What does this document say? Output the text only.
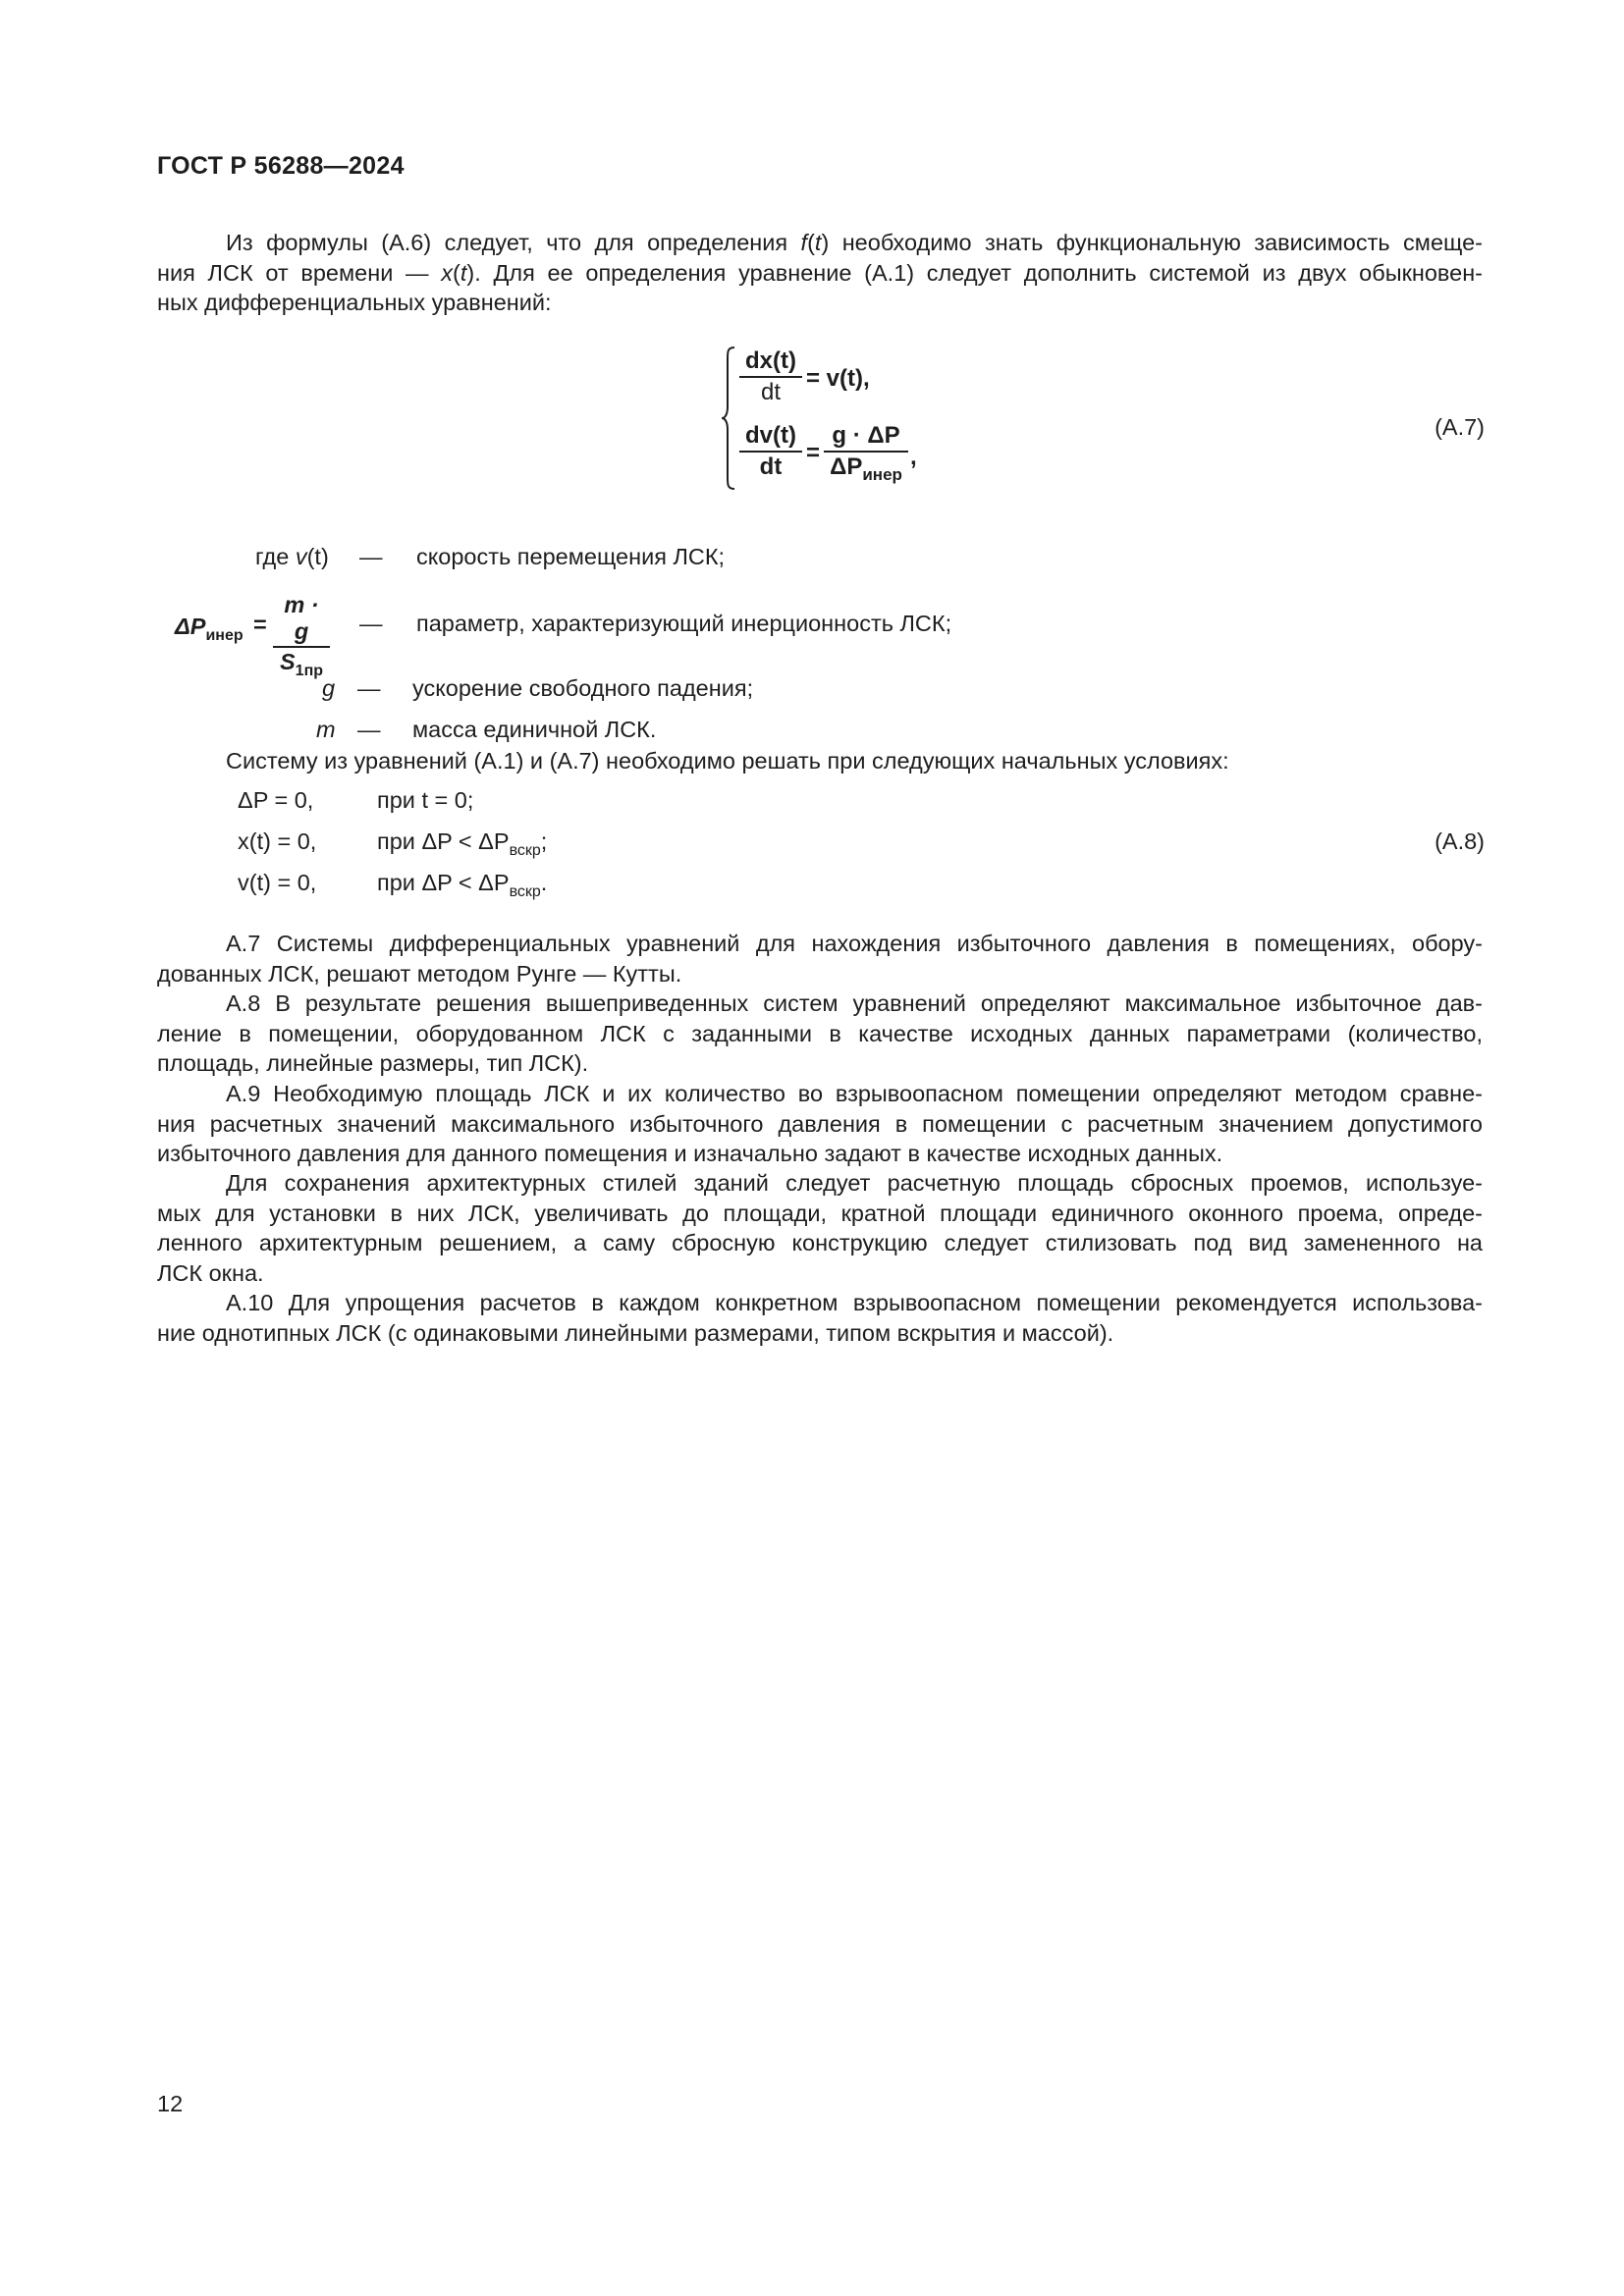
ГОСТ Р 56288—2024
Из формулы (А.6) следует, что для определения f(t) необходимо знать функциональную зависимость смеще-
ния ЛСК от времени — x(t). Для ее определения уравнение (А.1) следует дополнить системой из двух обыкновен-
ных дифференциальных уравнений:
dx(t)
dt
= v(t),
dv(t)
dt
=
g · ΔP
$\Delta P_{инер}$
,
(А.7)
где v(t) — скорость перемещения ЛСК;
$\Delta P_{инер}$ =
m · g
$S_{1пр}$
— параметр, характеризующий инерционность ЛСК;
g — ускорение свободного падения;
m — масса единичной ЛСК.
Систему из уравнений (А.1) и (А.7) необходимо решать при следующих начальных условиях:
ΔP = 0,	при t = 0;
x(t) = 0,	при $\Delta P < \Delta P_{вскр}$;	(А.8)
v(t) = 0,	при $\Delta P < \Delta P_{вскр}$.
А.7 Системы дифференциальных уравнений для нахождения избыточного давления в помещениях, обору-
дованных ЛСК, решают методом Рунге — Кутты.
А.8 В результате решения вышеприведенных систем уравнений определяют максимальное избыточное дав-
ление в помещении, оборудованном ЛСК с заданными в качестве исходных данных параметрами (количество,
площадь, линейные размеры, тип ЛСК).
А.9 Необходимую площадь ЛСК и их количество во взрывоопасном помещении определяют методом сравне-
ния расчетных значений максимального избыточного давления в помещении с расчетным значением допустимого
избыточного давления для данного помещения и изначально задают в качестве исходных данных.
Для сохранения архитектурных стилей зданий следует расчетную площадь сбросных проемов, используе-
мых для установки в них ЛСК, увеличивать до площади, кратной площади единичного оконного проема, опреде-
ленного архитектурным решением, а саму сбросную конструкцию следует стилизовать под вид замененного на
ЛСК окна.
А.10 Для упрощения расчетов в каждом конкретном взрывоопасном помещении рекомендуется использова-
ние однотипных ЛСК (с одинаковыми линейными размерами, типом вскрытия и массой).
12
